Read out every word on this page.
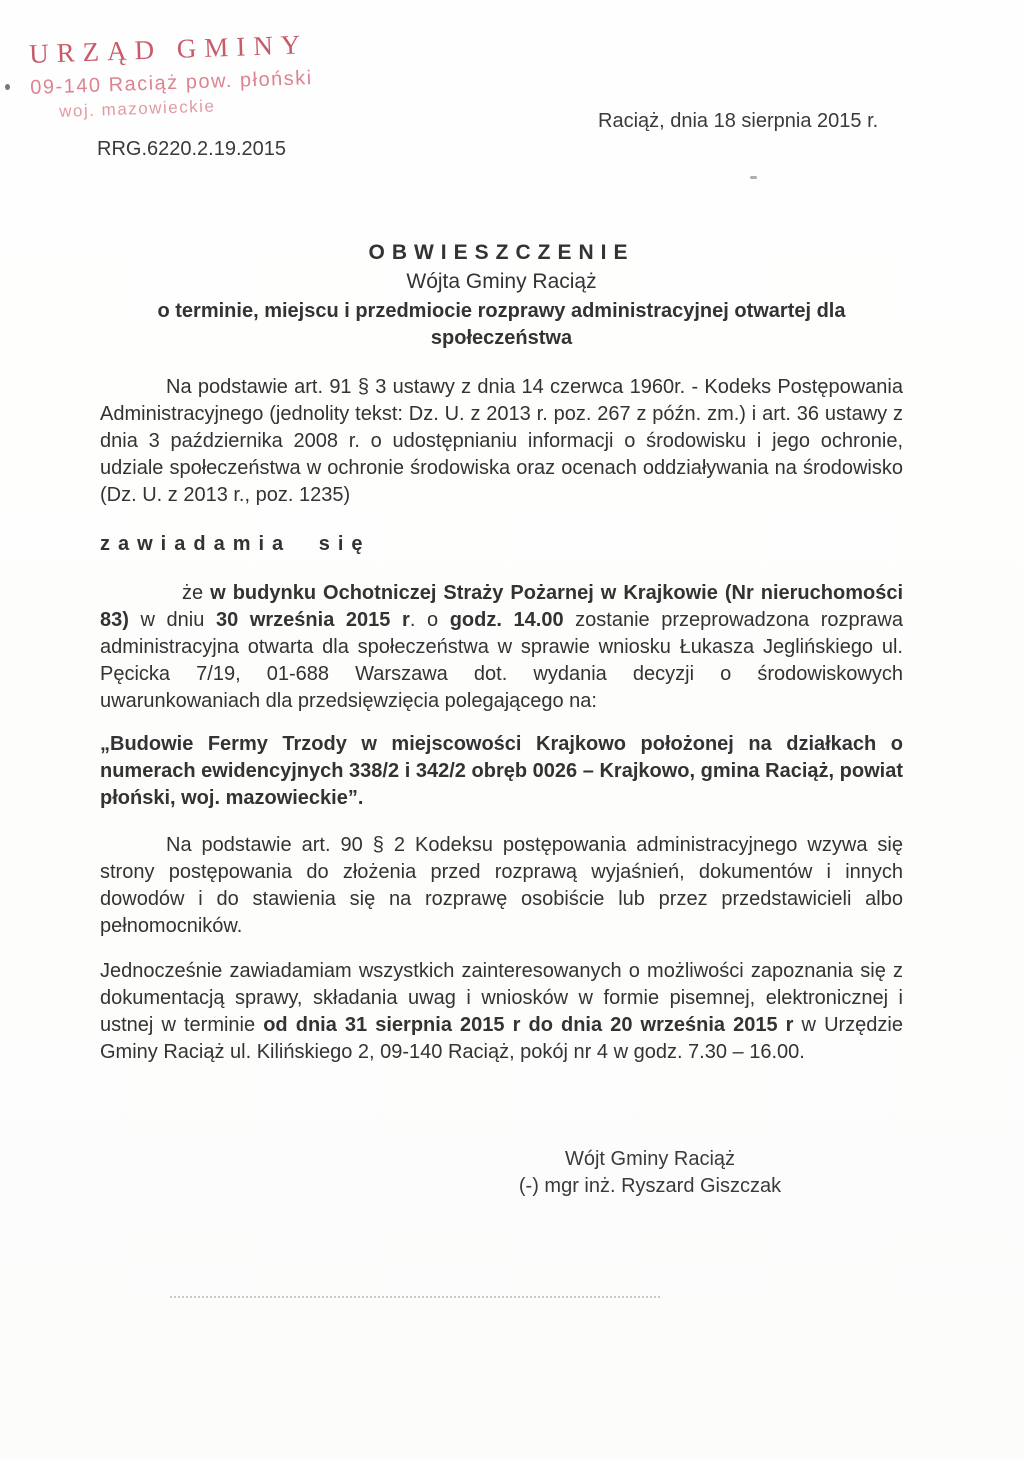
URZĄD GMINY
09-140 Raciąż pow. płoński
woj. mazowieckie
RRG.6220.2.19.2015
Raciąż, dnia 18 sierpnia 2015 r.
OBWIESZCZENIE
Wójta Gminy Raciąż
o terminie, miejscu i przedmiocie rozprawy administracyjnej otwartej dla społeczeństwa

Na podstawie art. 91 § 3 ustawy z dnia 14 czerwca 1960r. - Kodeks Postępowania Administracyjnego (jednolity tekst: Dz. U. z 2013 r. poz. 267 z późn. zm.) i art. 36 ustawy z dnia 3 października 2008 r. o udostępnianiu informacji o środowisku i jego ochronie, udziale społeczeństwa w ochronie środowiska oraz ocenach oddziaływania na środowisko (Dz. U. z 2013 r., poz. 1235)

zawiadamia się

że w budynku Ochotniczej Straży Pożarnej w Krajkowie (Nr nieruchomości 83) w dniu 30 września 2015 r. o godz. 14.00 zostanie przeprowadzona rozprawa administracyjna otwarta dla społeczeństwa w sprawie wniosku Łukasza Jeglińskiego ul. Pęcicka 7/19, 01-688 Warszawa dot. wydania decyzji o środowiskowych uwarunkowaniach dla przedsięwzięcia polegającego na:

„Budowie Fermy Trzody w miejscowości Krajkowo położonej na działkach o numerach ewidencyjnych 338/2 i 342/2 obręb 0026 – Krajkowo, gmina Raciąż, powiat płoński, woj. mazowieckie”.

Na podstawie art. 90 § 2 Kodeksu postępowania administracyjnego wzywa się strony postępowania do złożenia przed rozprawą wyjaśnień, dokumentów i innych dowodów i do stawienia się na rozprawę osobiście lub przez przedstawicieli albo pełnomocników.

Jednocześnie zawiadamiam wszystkich zainteresowanych o możliwości zapoznania się z dokumentacją sprawy, składania uwag i wniosków w formie pisemnej, elektronicznej i ustnej w terminie od dnia 31 sierpnia 2015 r do dnia 20 września 2015 r w Urzędzie Gminy Raciąż ul. Kilińskiego 2, 09-140 Raciąż, pokój nr 4 w godz. 7.30 – 16.00.

Wójt Gminy Raciąż
(-) mgr inż. Ryszard Giszczak
